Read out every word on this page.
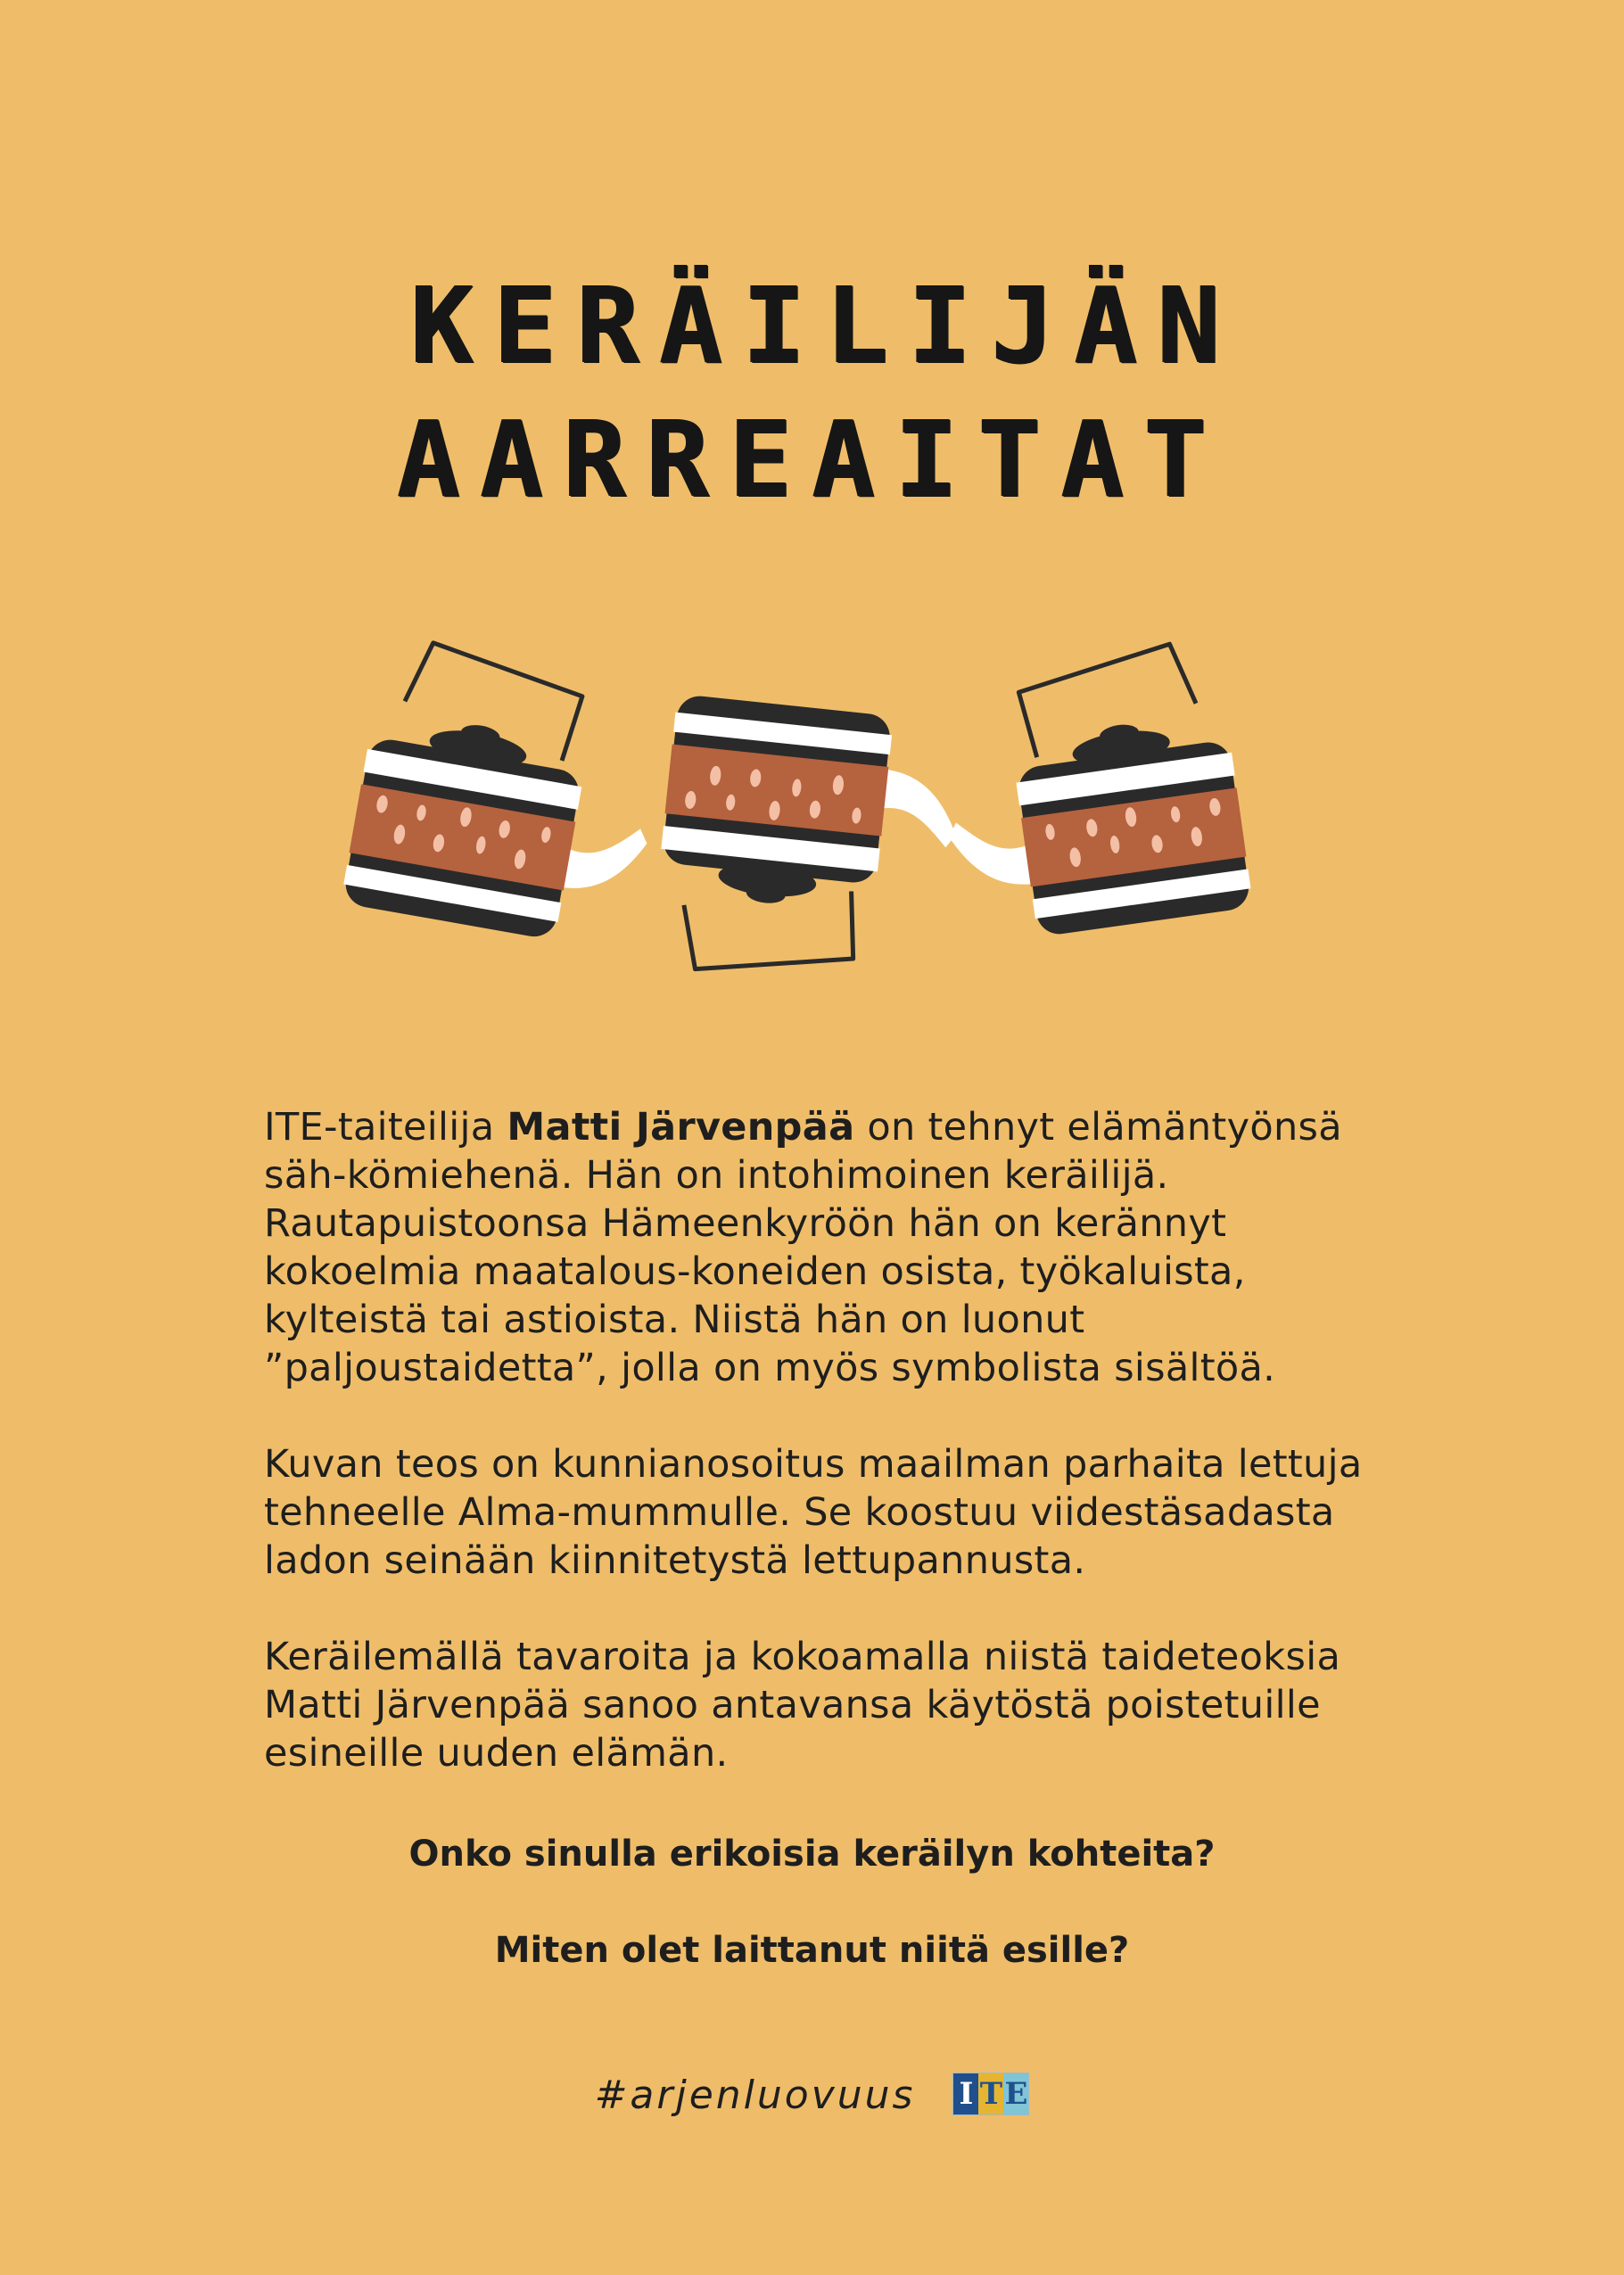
KERÄILIJÄN
AARREAITAT

ITE-taiteilija Matti Järvenpää on tehnyt elämäntyönsä säh-kömiehenä. Hän on intohimoinen keräilijä. Rautapuistoonsa Hämeenkyröön hän on kerännyt kokoelmia maatalous-koneiden osista, työkaluista, kylteistä tai astioista. Niistä hän on luonut ”paljoustaidetta”, jolla on myös symbolista sisältöä.

Kuvan teos on kunnianosoitus maailman parhaita lettuja tehneelle Alma-mummulle. Se koostuu viidestäsadasta ladon seinään kiinnitetystä lettupannusta.

Keräilemällä tavaroita ja kokoamalla niistä taideteoksia Matti Järvenpää sanoo antavansa käytöstä poistetuille esineille uuden elämän.

Onko sinulla erikoisia keräilyn kohteita?
Miten olet laittanut niitä esille?
#arjenluovuus I T E
